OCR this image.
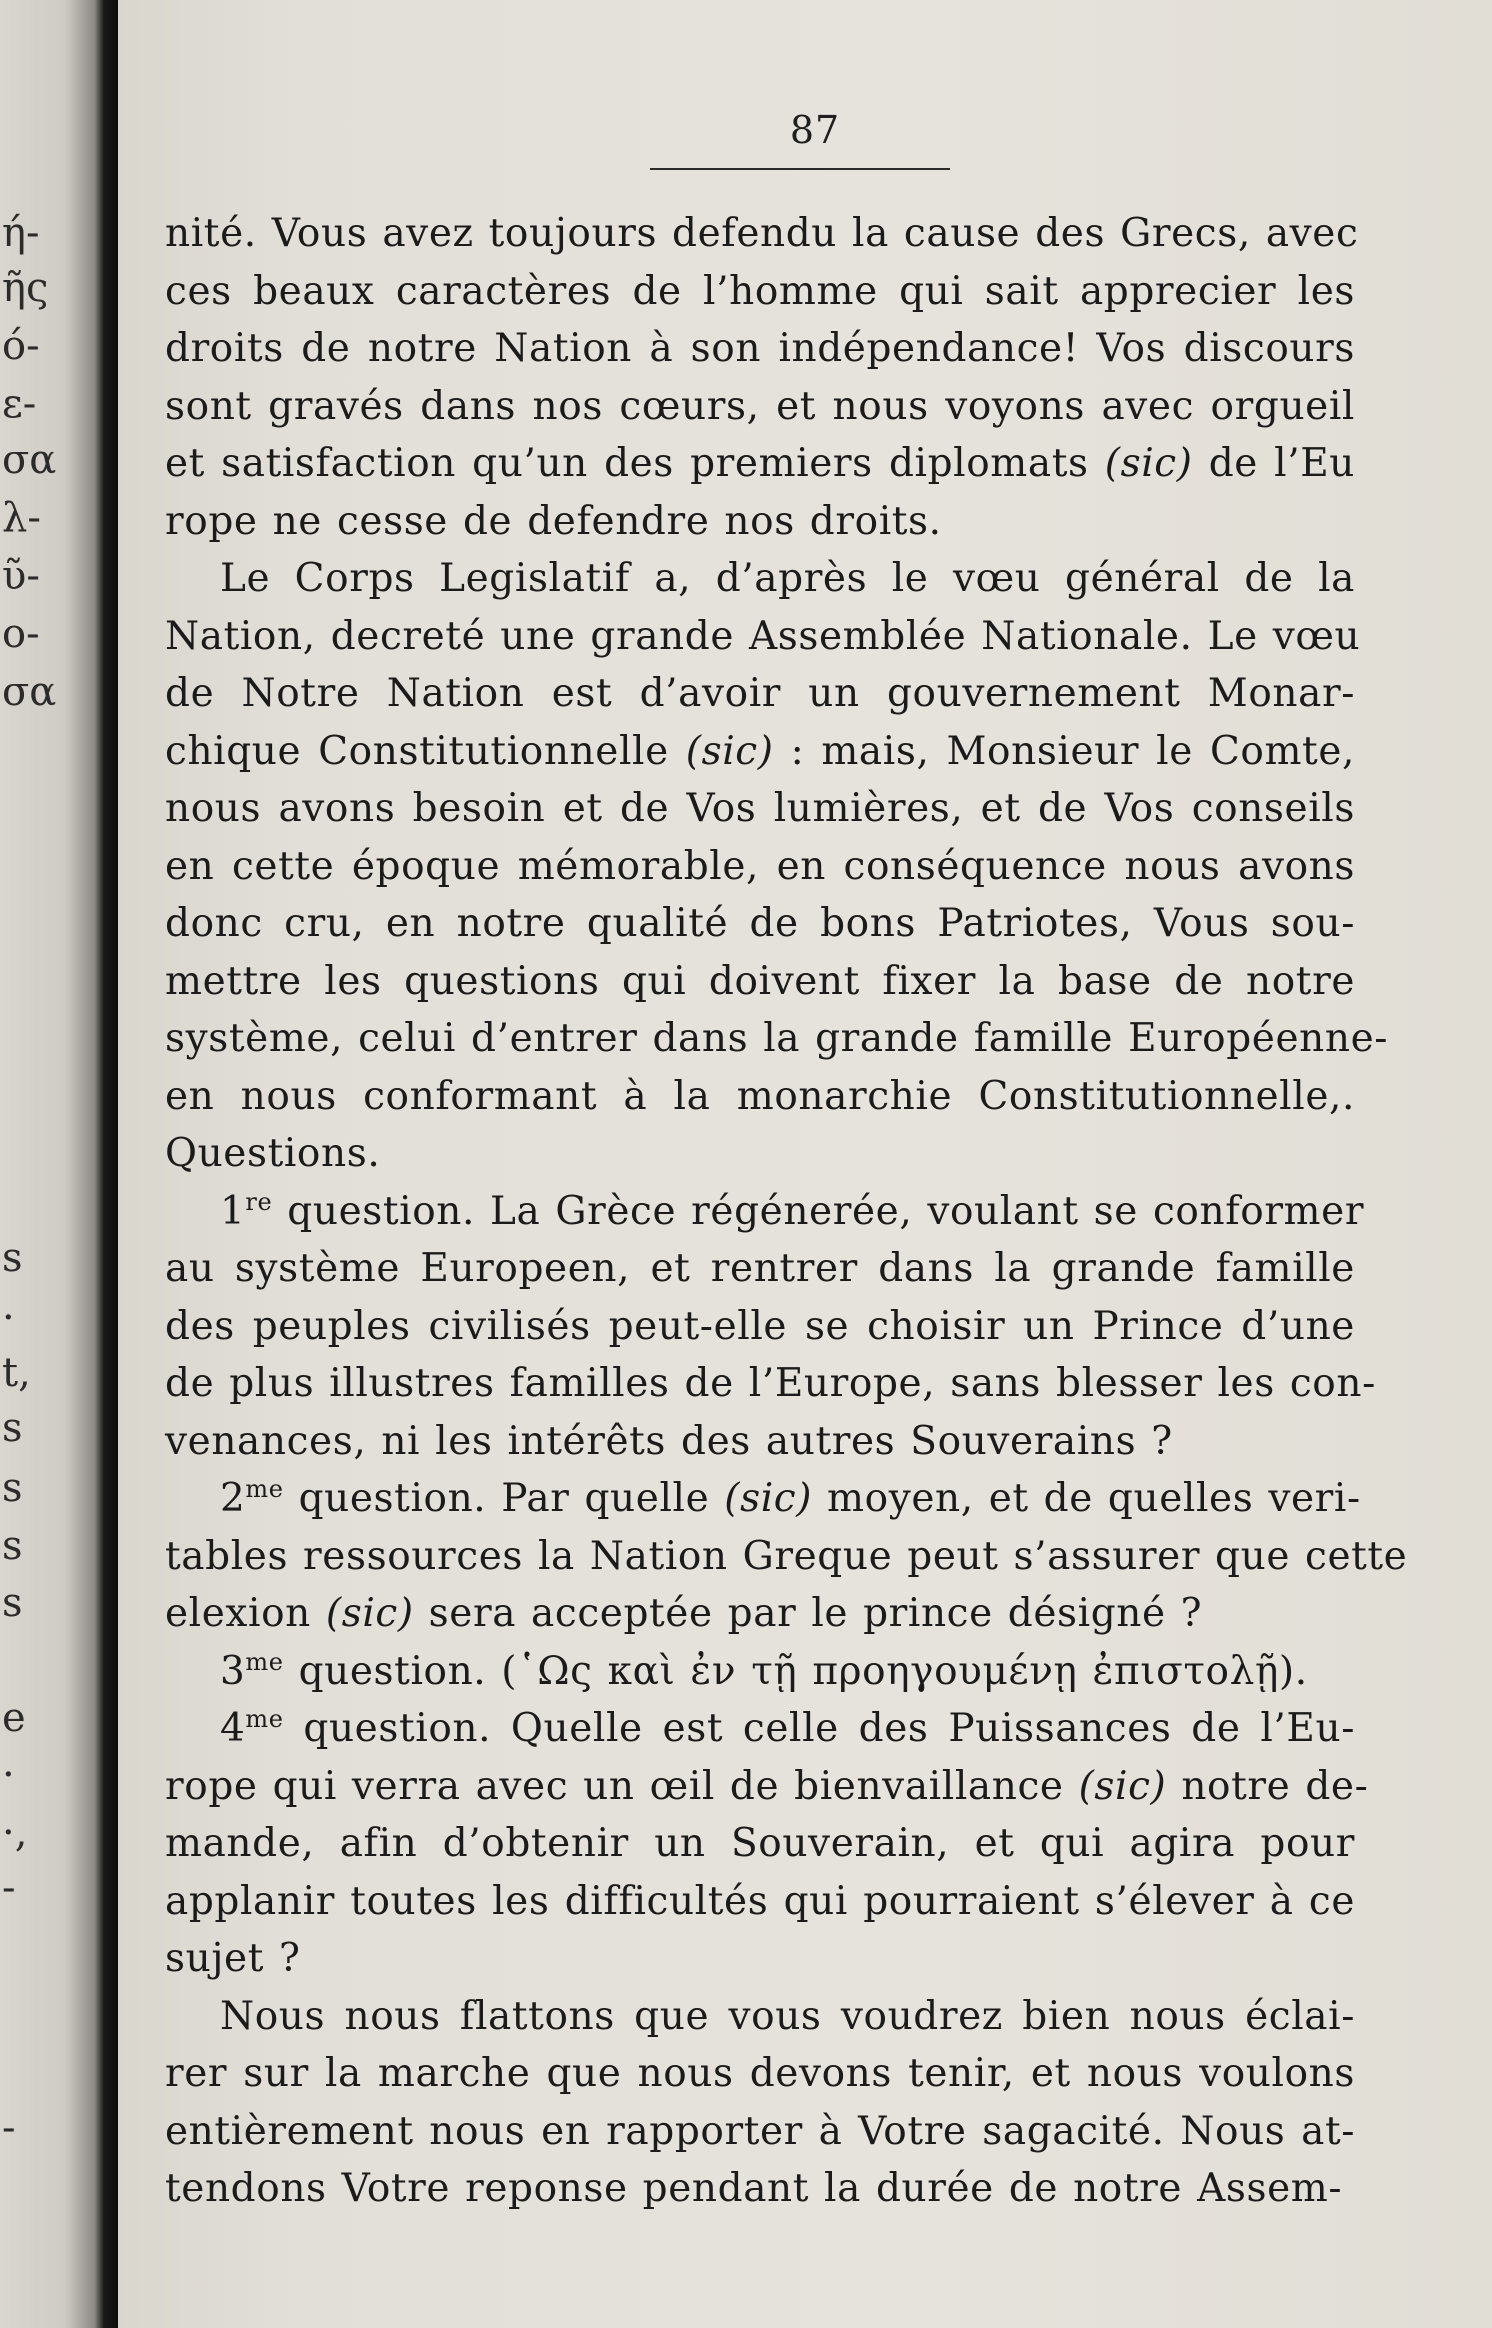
ή-
ῆς
ό-
ε-
σα
λ-
ῦ-
ο-
σα
s
·
t,
s
s
s
s
e
·
·,
-
-
87
nité. Vous avez toujours defendu la cause des Grecs, avec
ces beaux caractères de l’homme qui sait apprecier les
droits de notre Nation à son indépendance! Vos discours
sont gravés dans nos cœurs, et nous voyons avec orgueil
et satisfaction qu’un des premiers diplomats (sic) de l’Eu
rope ne cesse de defendre nos droits.
Le Corps Legislatif a, d’après le vœu général de la
Nation, decreté une grande Assemblée Nationale. Le vœu
de Notre Nation est d’avoir un gouvernement Monar-
chique Constitutionnelle (sic) : mais, Monsieur le Comte,
nous avons besoin et de Vos lumières, et de Vos conseils
en cette époque mémorable, en conséquence nous avons
donc cru, en notre qualité de bons Patriotes, Vous sou-
mettre les questions qui doivent fixer la base de notre
système, celui d’entrer dans la grande famille Européenne-
en nous conformant à la monarchie Constitutionnelle,.
Questions.
1re question. La Grèce régénerée, voulant se conformer
au système Europeen, et rentrer dans la grande famille
des peuples civilisés peut-elle se choisir un Prince d’une
de plus illustres familles de l’Europe, sans blesser les con-
venances, ni les intérêts des autres Souverains ?
$2^{me}$ question. Par quelle (sic) moyen, et de quelles veri-
tables ressources la Nation Greque peut s’assurer que cette
elexion (sic) sera acceptée par le prince désigné ?
$3^{me}$ question. (῾Ως καὶ ἐν τῇ προηγουμένῃ ἐπιστολῇ).
$4^{me}$ question. Quelle est celle des Puissances de l’Eu-
rope qui verra avec un œil de bienvaillance (sic) notre de-
mande, afin d’obtenir un Souverain, et qui agira pour
applanir toutes les difficultés qui pourraient s’élever à ce
sujet ?
Nous nous flattons que vous voudrez bien nous éclai-
rer sur la marche que nous devons tenir, et nous voulons
entièrement nous en rapporter à Votre sagacité. Nous at-
tendons Votre reponse pendant la durée de notre Assem-
